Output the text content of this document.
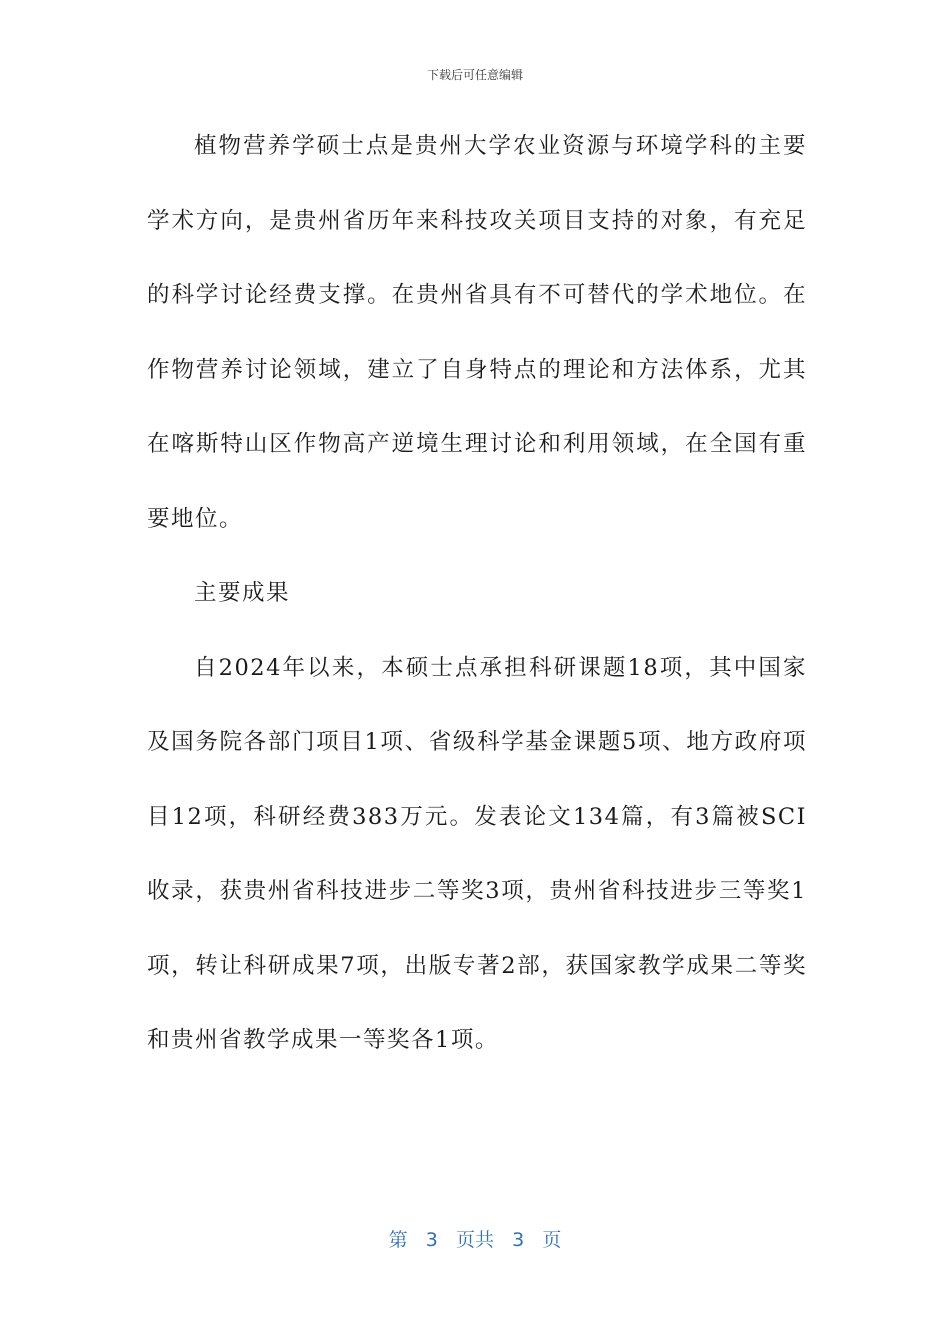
下载后可任意编辑

植物营养学硕士点是贵州大学农业资源与环境学科的主要学术方向，是贵州省历年来科技攻关项目支持的对象，有充足的科学讨论经费支撑。在贵州省具有不可替代的学术地位。在作物营养讨论领域，建立了自身特点的理论和方法体系，尤其在喀斯特山区作物高产逆境生理讨论和利用领域，在全国有重要地位。

主要成果

自2024年以来，本硕士点承担科研课题18项，其中国家及国务院各部门项目1项、省级科学基金课题5项、地方政府项目12项，科研经费383万元。发表论文134篇，有3篇被SCI收录，获贵州省科技进步二等奖3项，贵州省科技进步三等奖1项，转让科研成果7项，出版专著2部，获国家教学成果二等奖和贵州省教学成果一等奖各1项。

第 3 页共 3 页
